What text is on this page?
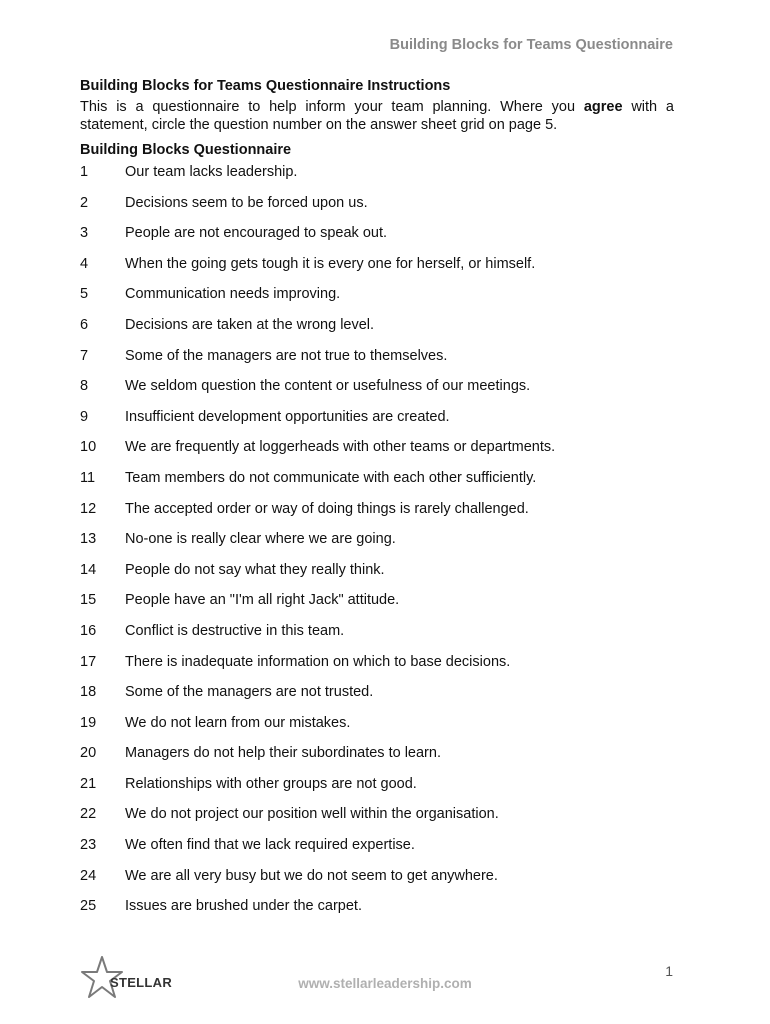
Building Blocks for Teams Questionnaire
Building Blocks for Teams Questionnaire Instructions

This is a questionnaire to help inform your team planning. Where you agree with a statement, circle the question number on the answer sheet grid on page 5.

Building Blocks Questionnaire
1	Our team lacks leadership.
2	Decisions seem to be forced upon us.
3	People are not encouraged to speak out.
4	When the going gets tough it is every one for herself, or himself.
5	Communication needs improving.
6	Decisions are taken at the wrong level.
7	Some of the managers are not true to themselves.
8	We seldom question the content or usefulness of our meetings.
9	Insufficient development opportunities are created.
10	We are frequently at loggerheads with other teams or departments.
11	Team members do not communicate with each other sufficiently.
12	The accepted order or way of doing things is rarely challenged.
13	No-one is really clear where we are going.
14	People do not say what they really think.
15	People have an "I'm all right Jack" attitude.
16	Conflict is destructive in this team.
17	There is inadequate information on which to base decisions.
18	Some of the managers are not trusted.
19	We do not learn from our mistakes.
20	Managers do not help their subordinates to learn.
21	Relationships with other groups are not good.
22	We do not project our position well within the organisation.
23	We often find that we lack required expertise.
24	We are all very busy but we do not seem to get anywhere.
25	Issues are brushed under the carpet.
1
STELLAR	www.stellarleadership.com
